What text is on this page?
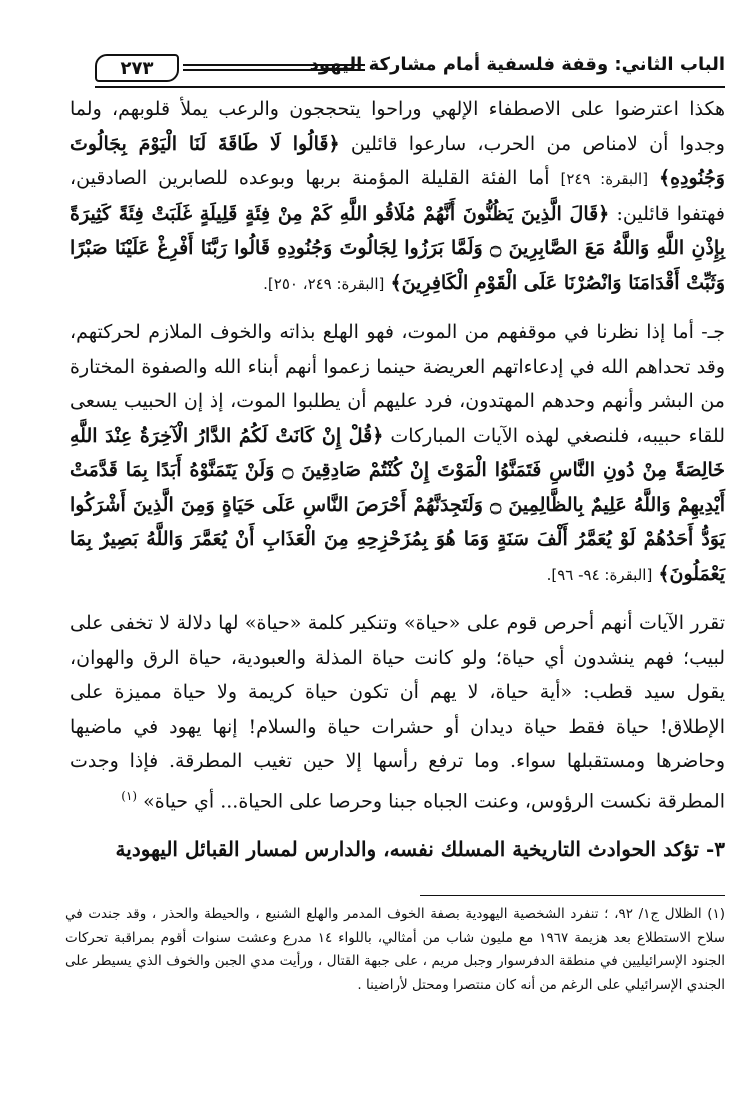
٢٧٣	الباب الثاني: وقفة فلسفية أمام مشاركة اليهود

هكذا اعترضوا على الاصطفاء الإلهي وراحوا يتحججون والرعب يملأ قلوبهم، ولما وجدوا أن لامناص من الحرب، سارعوا قائلين ﴿قَالُوا لَا طَاقَةَ لَنَا الْيَوْمَ بِجَالُوتَ وَجُنُودِهِ﴾ [البقرة: ٢٤٩] أما الفئة القليلة المؤمنة بربها وبوعده للصابرين الصادقين، فهتفوا قائلين: ﴿قَالَ الَّذِينَ يَظُنُّونَ أَنَّهُمْ مُلَاقُو اللَّهِ كَمْ مِنْ فِئَةٍ قَلِيلَةٍ غَلَبَتْ فِئَةً كَثِيرَةً بِإِذْنِ اللَّهِ وَاللَّهُ مَعَ الصَّابِرِينَ ۝ وَلَمَّا بَرَزُوا لِجَالُوتَ وَجُنُودِهِ قَالُوا رَبَّنَا أَفْرِغْ عَلَيْنَا صَبْرًا وَثَبِّتْ أَقْدَامَنَا وَانْصُرْنَا عَلَى الْقَوْمِ الْكَافِرِينَ﴾ [البقرة: ٢٤٩، ٢٥٠].

جـ- أما إذا نظرنا في موقفهم من الموت، فهو الهلع بذاته والخوف الملازم لحركتهم، وقد تحداهم الله في إدعاءاتهم العريضة حينما زعموا أنهم أبناء الله والصفوة المختارة من البشر وأنهم وحدهم المهتدون، فرد عليهم أن يطلبوا الموت، إذ إن الحبيب يسعى للقاء حبيبه، فلنصغي لهذه الآيات المباركات ﴿قُلْ إِنْ كَانَتْ لَكُمُ الدَّارُ الْآخِرَةُ عِنْدَ اللَّهِ خَالِصَةً مِنْ دُونِ النَّاسِ فَتَمَنَّوُا الْمَوْتَ إِنْ كُنْتُمْ صَادِقِينَ ۝ وَلَنْ يَتَمَنَّوْهُ أَبَدًا بِمَا قَدَّمَتْ أَيْدِيهِمْ وَاللَّهُ عَلِيمٌ بِالظَّالِمِينَ ۝ وَلَتَجِدَنَّهُمْ أَحْرَصَ النَّاسِ عَلَى حَيَاةٍ وَمِنَ الَّذِينَ أَشْرَكُوا يَوَدُّ أَحَدُهُمْ لَوْ يُعَمَّرُ أَلْفَ سَنَةٍ وَمَا هُوَ بِمُزَحْزِحِهِ مِنَ الْعَذَابِ أَنْ يُعَمَّرَ وَاللَّهُ بَصِيرٌ بِمَا يَعْمَلُونَ﴾ [البقرة: ٩٤- ٩٦].

تقرر الآيات أنهم أحرص قوم على «حياة» وتنكير كلمة «حياة» لها دلالة لا تخفى على لبيب؛ فهم ينشدون أي حياة؛ ولو كانت حياة المذلة والعبودية، حياة الرق والهوان، يقول سيد قطب: «أية حياة، لا يهم أن تكون حياة كريمة ولا حياة مميزة على الإطلاق! حياة فقط حياة ديدان أو حشرات حياة والسلام! إنها يهود في ماضيها وحاضرها ومستقبلها سواء. وما ترفع رأسها إلا حين تغيب المطرقة. فإذا وجدت المطرقة نكست الرؤوس، وعنت الجباه جبنا وحرصا على الحياة... أي حياة» $^{(١)}$

٣- تؤكد الحوادث التاريخية المسلك نفسه، والدارس لمسار القبائل اليهودية

(١) الظلال ج١/ ٩٢، ؛ تنفرد الشخصية اليهودية بصفة الخوف المدمر والهلع الشنيع ، والحيطة والحذر ، وقد جندت في سلاح الاستطلاع بعد هزيمة ١٩٦٧ مع مليون شاب من أمثالي، باللواء ١٤ مدرع وعشت سنوات أقوم بمراقبة تحركات الجنود الإسرائيليين في منطقة الدفرسوار وجبل مريم ، على جبهة القتال ، ورأيت مدي الجبن والخوف الذي يسيطر على الجندي الإسرائيلي على الرغم من أنه كان منتصرا ومحتل لأراضينا .
